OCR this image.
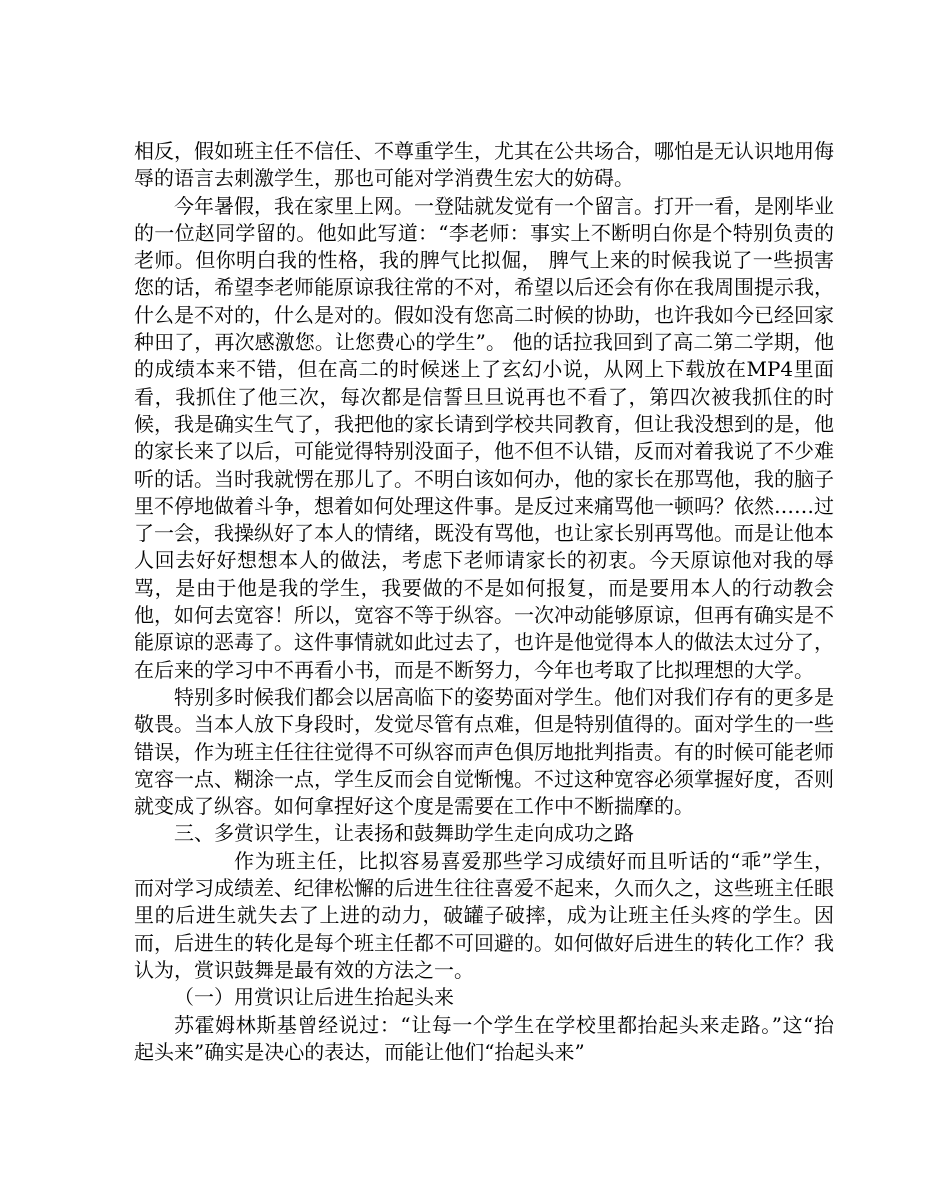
相反，假如班主任不信任、不尊重学生，尤其在公共场合，哪怕是无认识地用侮辱的语言去刺激学生，那也可能对学消费生宏大的妨碍。

今年暑假，我在家里上网。一登陆就发觉有一个留言。打开一看，是刚毕业的一位赵同学留的。他如此写道：“李老师：事实上不断明白你是个特别负责的老师。但你明白我的性格，我的脾气比拟倔， 脾气上来的时候我说了一些损害您的话，希望李老师能原谅我往常的不对，希望以后还会有你在我周围提示我，什么是不对的，什么是对的。假如没有您高二时候的协助，也许我如今已经回家种田了，再次感激您。让您费心的学生”。 他的话拉我回到了高二第二学期，他的成绩本来不错，但在高二的时候迷上了玄幻小说，从网上下载放在MP4里面看，我抓住了他三次，每次都是信誓旦旦说再也不看了，第四次被我抓住的时候，我是确实生气了，我把他的家长请到学校共同教育，但让我没想到的是，他的家长来了以后，可能觉得特别没面子，他不但不认错，反而对着我说了不少难听的话。当时我就愣在那儿了。不明白该如何办，他的家长在那骂他，我的脑子里不停地做着斗争，想着如何处理这件事。是反过来痛骂他一顿吗？依然……过了一会，我操纵好了本人的情绪，既没有骂他，也让家长别再骂他。而是让他本人回去好好想想本人的做法，考虑下老师请家长的初衷。今天原谅他对我的辱骂，是由于他是我的学生，我要做的不是如何报复，而是要用本人的行动教会他，如何去宽容！所以，宽容不等于纵容。一次冲动能够原谅，但再有确实是不能原谅的恶毒了。这件事情就如此过去了，也许是他觉得本人的做法太过分了，在后来的学习中不再看小书，而是不断努力，今年也考取了比拟理想的大学。

特别多时候我们都会以居高临下的姿势面对学生。他们对我们存有的更多是敬畏。当本人放下身段时，发觉尽管有点难，但是特别值得的。面对学生的一些错误，作为班主任往往觉得不可纵容而声色俱厉地批判指责。有的时候可能老师宽容一点、糊涂一点，学生反而会自觉惭愧。不过这种宽容必须掌握好度，否则就变成了纵容。如何拿捏好这个度是需要在工作中不断揣摩的。

三、多赏识学生，让表扬和鼓舞助学生走向成功之路

作为班主任，比拟容易喜爱那些学习成绩好而且听话的“乖”学生，而对学习成绩差、纪律松懈的后进生往往喜爱不起来，久而久之，这些班主任眼里的后进生就失去了上进的动力，破罐子破摔，成为让班主任头疼的学生。因而，后进生的转化是每个班主任都不可回避的。如何做好后进生的转化工作？我认为，赏识鼓舞是最有效的方法之一。

（一）用赏识让后进生抬起头来

苏霍姆林斯基曾经说过：“让每一个学生在学校里都抬起头来走路。”这“抬起头来”确实是决心的表达，而能让他们“抬起头来”
